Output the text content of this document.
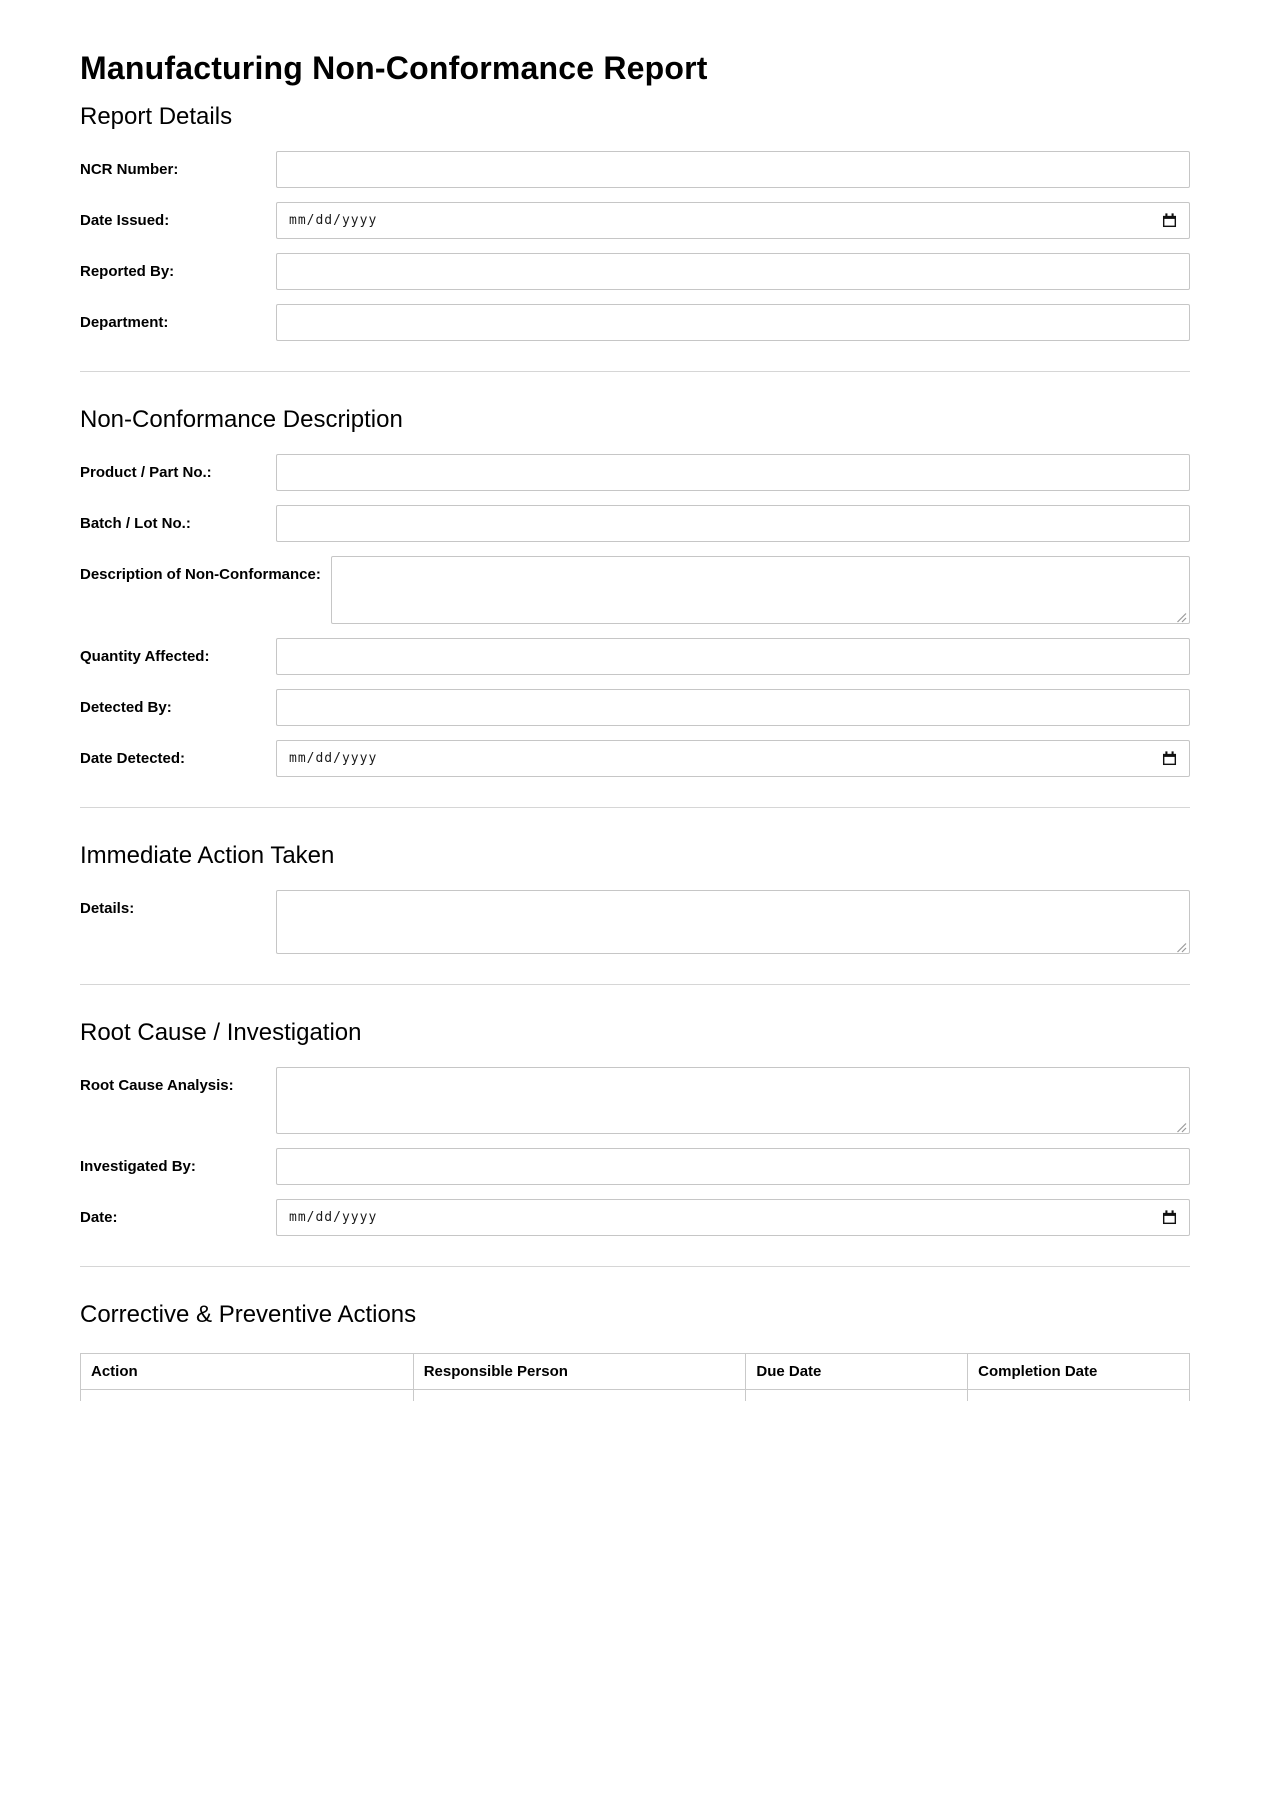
Manufacturing Non-Conformance Report
Report Details
NCR Number:
Date Issued:	mm/dd/yyyy
Reported By:
Department:
Non-Conformance Description
Product / Part No.:
Batch / Lot No.:
Description of Non-Conformance:
Quantity Affected:
Detected By:
Date Detected:	mm/dd/yyyy
Immediate Action Taken
Details:
Root Cause / Investigation
Root Cause Analysis:
Investigated By:
Date:	mm/dd/yyyy
Corrective & Preventive Actions
Action	Responsible Person	Due Date	Completion Date
